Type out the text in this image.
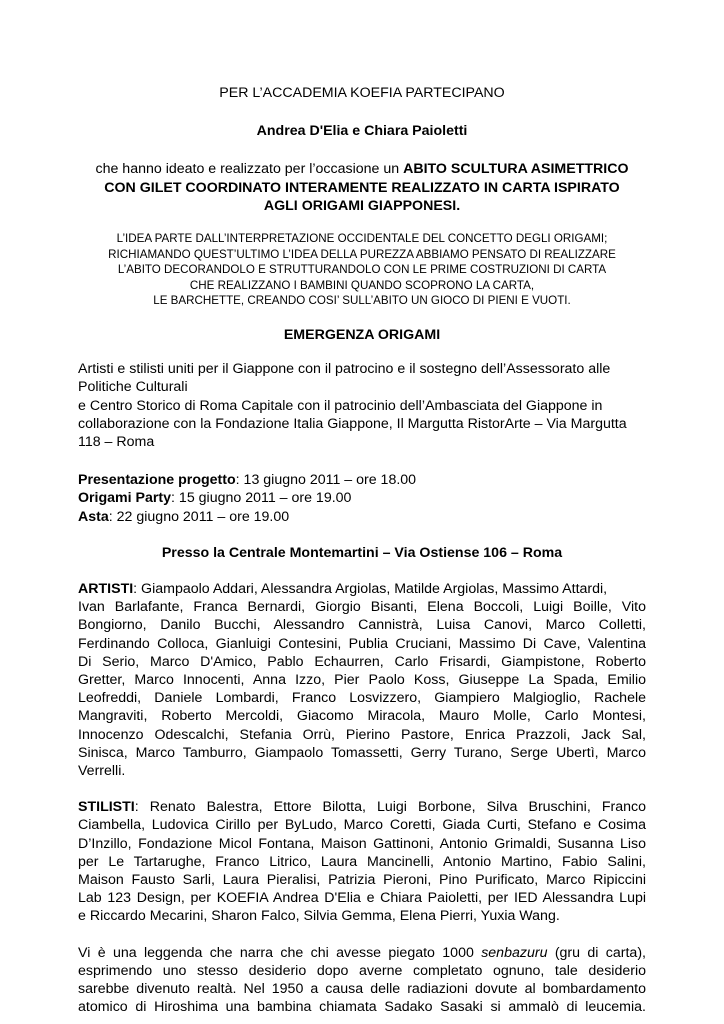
PER L’ACCADEMIA KOEFIA PARTECIPANO

Andrea D'Elia e Chiara Paioletti

che hanno ideato e realizzato per l’occasione un ABITO SCULTURA ASIMETTRICO
CON GILET COORDINATO INTERAMENTE REALIZZATO IN CARTA ISPIRATO
AGLI ORIGAMI GIAPPONESI.

L’IDEA PARTE DALL’INTERPRETAZIONE OCCIDENTALE DEL CONCETTO DEGLI ORIGAMI;
RICHIAMANDO QUEST’ULTIMO L’IDEA DELLA PUREZZA ABBIAMO PENSATO DI REALIZZARE
L’ABITO DECORANDOLO E STRUTTURANDOLO CON LE PRIME COSTRUZIONI DI CARTA
CHE REALIZZANO I BAMBINI QUANDO SCOPRONO LA CARTA,
LE BARCHETTE, CREANDO COSI’ SULL’ABITO UN GIOCO DI PIENI E VUOTI.

EMERGENZA ORIGAMI

Artisti e stilisti uniti per il Giappone con il patrocino e il sostegno dell’Assessorato alle
Politiche Culturali
e Centro Storico di Roma Capitale con il patrocinio dell’Ambasciata del Giappone in
collaborazione con la Fondazione Italia Giappone, Il Margutta RistorArte – Via Margutta
118 – Roma

Presentazione progetto: 13 giugno 2011 – ore 18.00
Origami Party: 15 giugno 2011 – ore 19.00
Asta: 22 giugno 2011 – ore 19.00

Presso la Centrale Montemartini – Via Ostiense 106 – Roma

ARTISTI: Giampaolo Addari, Alessandra Argiolas, Matilde Argiolas, Massimo Attardi,
Ivan Barlafante, Franca Bernardi, Giorgio Bisanti, Elena Boccoli, Luigi Boille, Vito
Bongiorno, Danilo Bucchi, Alessandro Cannistrà, Luisa Canovi, Marco Colletti,
Ferdinando Colloca, Gianluigi Contesini, Publia Cruciani, Massimo Di Cave, Valentina
Di Serio, Marco D'Amico, Pablo Echaurren, Carlo Frisardi, Giampistone, Roberto
Gretter, Marco Innocenti, Anna Izzo, Pier Paolo Koss, Giuseppe La Spada, Emilio
Leofreddi, Daniele Lombardi, Franco Losvizzero, Giampiero Malgioglio, Rachele
Mangraviti, Roberto Mercoldi, Giacomo Miracola, Mauro Molle, Carlo Montesi,
Innocenzo Odescalchi, Stefania Orrù, Pierino Pastore, Enrica Prazzoli, Jack Sal,
Sinisca, Marco Tamburro, Giampaolo Tomassetti, Gerry Turano, Serge Ubertì, Marco
Verrelli.

STILISTI: Renato Balestra, Ettore Bilotta, Luigi Borbone, Silva Bruschini, Franco
Ciambella, Ludovica Cirillo per ByLudo, Marco Coretti, Giada Curti, Stefano e Cosima
D’Inzillo, Fondazione Micol Fontana, Maison Gattinoni, Antonio Grimaldi, Susanna Liso
per Le Tartarughe, Franco Litrico, Laura Mancinelli, Antonio Martino, Fabio Salini,
Maison Fausto Sarli, Laura Pieralisi, Patrizia Pieroni, Pino Purificato, Marco Ripiccini
Lab 123 Design, per KOEFIA Andrea D'Elia e Chiara Paioletti, per IED Alessandra Lupi
e Riccardo Mecarini, Sharon Falco, Silvia Gemma, Elena Pierri, Yuxia Wang.

Vi è una leggenda che narra che chi avesse piegato 1000 senbazuru (gru di carta),
esprimendo uno stesso desiderio dopo averne completato ognuno, tale desiderio
sarebbe divenuto realtà. Nel 1950 a causa delle radiazioni dovute al bombardamento
atomico di Hiroshima una bambina chiamata Sadako Sasaki si ammalò di leucemia.
